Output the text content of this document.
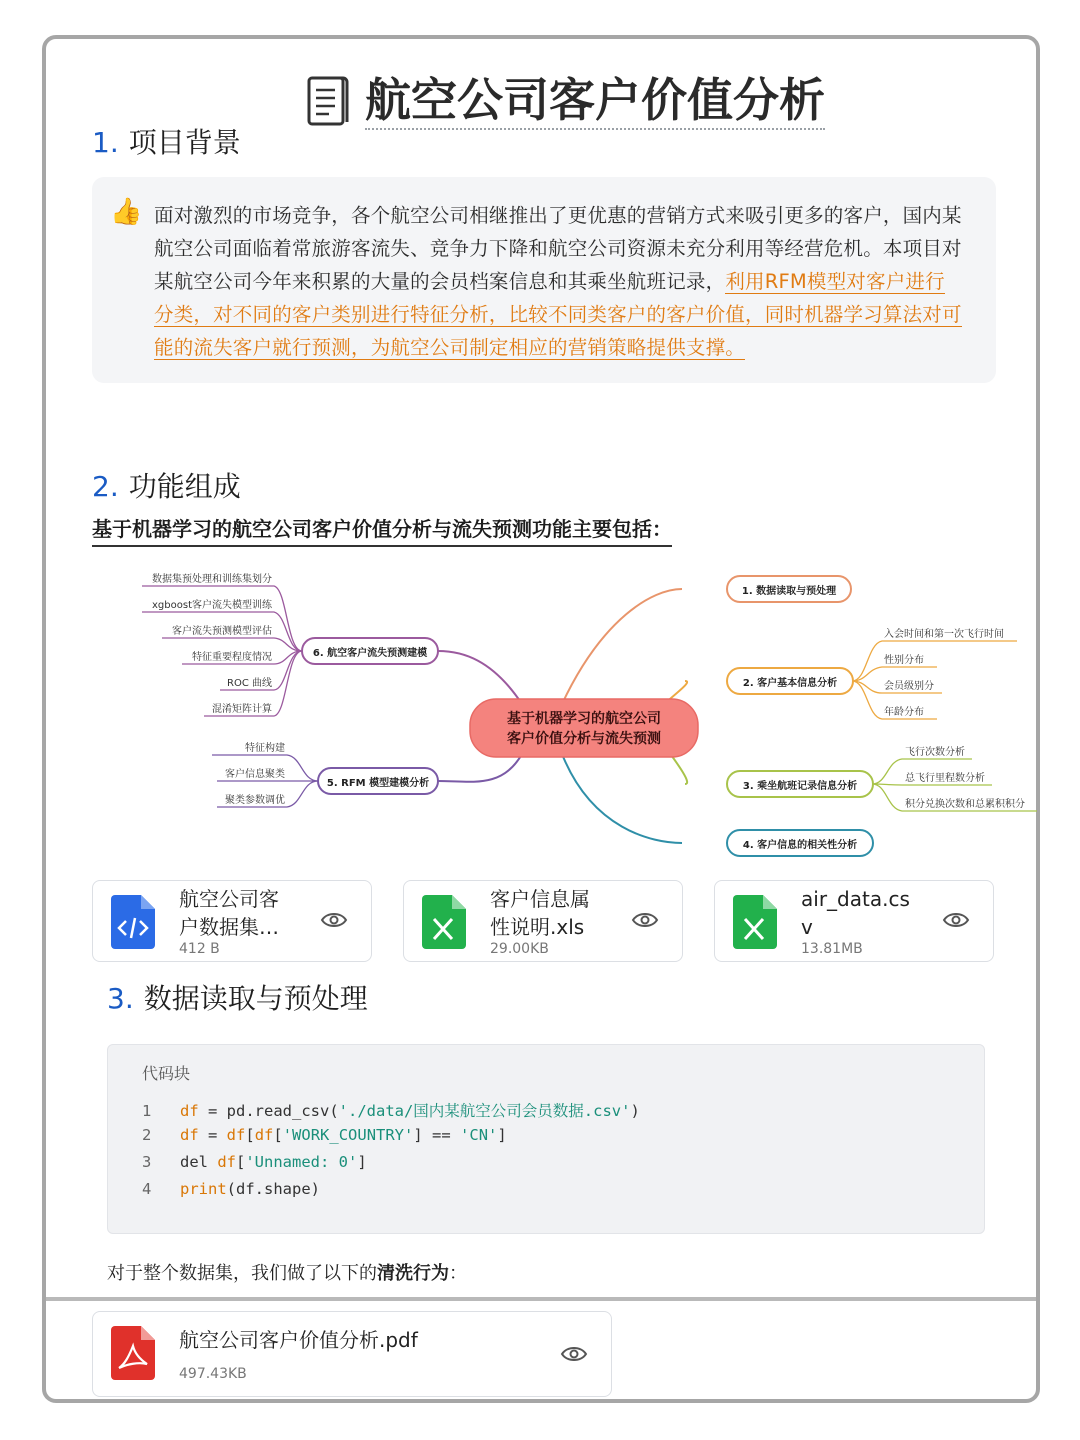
航空公司客户价值分析
1. 项目背景
👍 面对激烈的市场竞争，各个航空公司相继推出了更优惠的营销方式来吸引更多的客户，国内某航空公司面临着常旅游客流失、竞争力下降和航空公司资源未充分利用等经营危机。本项目对某航空公司今年来积累的大量的会员档案信息和其乘坐航班记录，利用RFM模型对客户进行分类，对不同的客户类别进行特征分析，比较不同类客户的客户价值，同时机器学习算法对可能的流失客户就行预测，为航空公司制定相应的营销策略提供支撑。
2. 功能组成
基于机器学习的航空公司客户价值分析与流失预测功能主要包括：
基于机器学习的航空公司
客户价值分析与流失预测
1. 数据读取与预处理
2. 客户基本信息分析
3. 乘坐航班记录信息分析
4. 客户信息的相关性分析
5. RFM 模型建模分析
6. 航空客户流失预测建模
入会时间和第一次飞行时间
性别分布
会员级别分
年龄分布
飞行次数分析
总飞行里程数分析
积分兑换次数和总累积积分
特征构建
客户信息聚类
聚类参数调优
数据集预处理和训练集划分
xgboost客户流失模型训练
客户流失预测模型评估
特征重要程度情况
ROC 曲线
混淆矩阵计算
航空公司客
户数据集…
412 B
客户信息属
性说明.xls
29.00KB
air_data.cs
v
13.81MB
3. 数据读取与预处理
代码块
1 df = pd.read_csv('./data/国内某航空公司会员数据.csv')
2 df = df[df['WORK_COUNTRY'] == 'CN']
3 del df['Unnamed: 0']
4 print(df.shape)
对于整个数据集，我们做了以下的清洗行为：
航空公司客户价值分析.pdf
497.43KB
